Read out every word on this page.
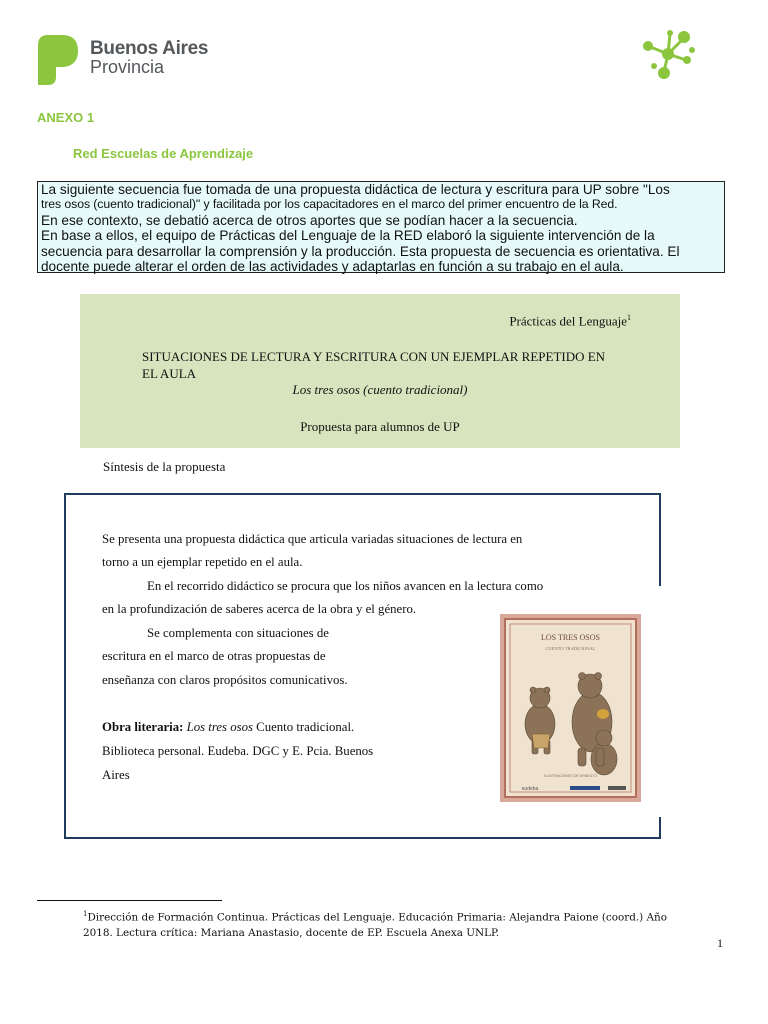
Buenos Aires
Provincia
ANEXO 1
Red Escuelas de Aprendizaje

La siguiente secuencia fue tomada de una propuesta didáctica de lectura y escritura para UP sobre "Los

tres osos (cuento tradicional)" y facilitada por los capacitadores en el marco del primer encuentro de la Red.

En ese contexto, se debatió acerca de otros aportes que se podían hacer a la secuencia.

En base a ellos, el equipo de Prácticas del Lenguaje de la RED elaboró la siguiente intervención de la

secuencia para desarrollar la comprensión y la producción. Esta propuesta de secuencia es orientativa. El

docente puede alterar el orden de las actividades y adaptarlas en función a su trabajo en el aula.

Prácticas del Lenguaje$^1$
SITUACIONES DE LECTURA Y ESCRITURA CON UN EJEMPLAR REPETIDO EN
EL AULA
Los tres osos (cuento tradicional)
Propuesta para alumnos de UP
Síntesis de la propuesta
Se presenta una propuesta didáctica que articula variadas situaciones de lectura en
torno a un ejemplar repetido en el aula.
En el recorrido didáctico se procura que los niños avancen en la lectura como
en la profundización de saberes acerca de la obra y el género.
Se complementa con situaciones de
escritura en el marco de otras propuestas de
enseñanza con claros propósitos comunicativos.
Obra literaria: Los tres osos Cuento tradicional.
Biblioteca personal. Eudeba. DGC y E. Pcia. Buenos
Aires
LOS TRES OSOS
CUENTO TRADICIONAL
ILUSTRACIONES DE ERNESTO
eudeba
$^1$Dirección de Formación Continua. Prácticas del Lenguaje. Educación Primaria: Alejandra Paione (coord.) Año
2018. Lectura crítica: Mariana Anastasio, docente de EP. Escuela Anexa UNLP.
1
